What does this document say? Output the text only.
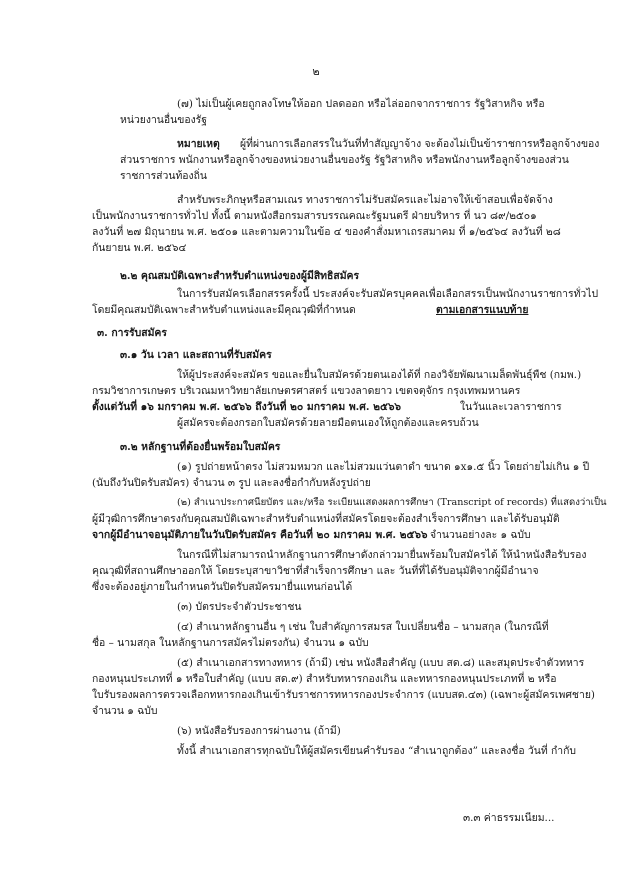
๒
(๗) ไม่เป็นผู้เคยถูกลงโทษให้ออก ปลดออก หรือไล่ออกจากราชการ รัฐวิสาหกิจ หรือ
หน่วยงานอื่นของรัฐ
หมายเหตุ ผู้ที่ผ่านการเลือกสรรในวันที่ทำสัญญาจ้าง จะต้องไม่เป็นข้าราชการหรือลูกจ้างของ
ส่วนราชการ พนักงานหรือลูกจ้างของหน่วยงานอื่นของรัฐ รัฐวิสาหกิจ หรือพนักงานหรือลูกจ้างของส่วน
ราชการส่วนท้องถิ่น
สำหรับพระภิกษุหรือสามเณร ทางราชการไม่รับสมัครและไม่อาจให้เข้าสอบเพื่อจัดจ้าง
เป็นพนักงานราชการทั่วไป ทั้งนี้ ตามหนังสือกรมสารบรรณคณะรัฐมนตรี ฝ่ายบริหาร ที่ นว ๘๙/๒๕๐๑
ลงวันที่ ๒๗ มิถุนายน พ.ศ. ๒๕๐๑ และตามความในข้อ ๔ ของคำสั่งมหาเถรสมาคม ที่ ๑/๒๕๖๔ ลงวันที่ ๒๘
กันยายน พ.ศ. ๒๕๖๔
๒.๒ คุณสมบัติเฉพาะสำหรับตำแหน่งของผู้มีสิทธิสมัคร
ในการรับสมัครเลือกสรรครั้งนี้ ประสงค์จะรับสมัครบุคคลเพื่อเลือกสรรเป็นพนักงานราชการทั่วไป
โดยมีคุณสมบัติเฉพาะสำหรับตำแหน่งและมีคุณวุฒิที่กำหนด	ตามเอกสารแนบท้าย
๓. การรับสมัคร
๓.๑ วัน เวลา และสถานที่รับสมัคร
ให้ผู้ประสงค์จะสมัคร ขอและยื่นใบสมัครด้วยตนเองได้ที่ กองวิจัยพัฒนาเมล็ดพันธุ์พืช (กมพ.)
กรมวิชาการเกษตร บริเวณมหาวิทยาลัยเกษตรศาสตร์ แขวงลาดยาว เขตจตุจักร กรุงเทพมหานคร
ตั้งแต่วันที่ ๑๖ มกราคม พ.ศ. ๒๕๖๖ ถึงวันที่ ๒๐ มกราคม พ.ศ. ๒๕๖๖	ในวันและเวลาราชการ
ผู้สมัครจะต้องกรอกใบสมัครด้วยลายมือตนเองให้ถูกต้องและครบถ้วน
๓.๒ หลักฐานที่ต้องยื่นพร้อมใบสมัคร
(๑) รูปถ่ายหน้าตรง ไม่สวมหมวก และไม่สวมแว่นตาดำ ขนาด ๑x๑.๕ นิ้ว โดยถ่ายไม่เกิน ๑ ปี
(นับถึงวันปิดรับสมัคร) จำนวน ๓ รูป และลงชื่อกำกับหลังรูปถ่าย
(๒) สำเนาประกาศนียบัตร และ/หรือ ระเบียนแสดงผลการศึกษา (Transcript of records) ที่แสดงว่าเป็น
ผู้มีวุฒิการศึกษาตรงกับคุณสมบัติเฉพาะสำหรับตำแหน่งที่สมัครโดยจะต้องสำเร็จการศึกษา และได้รับอนุมัติ
จากผู้มีอำนาจอนุมัติภายในวันปิดรับสมัคร คือวันที่ ๒๐ มกราคม พ.ศ. ๒๕๖๖ จำนวนอย่างละ ๑ ฉบับ
ในกรณีที่ไม่สามารถนำหลักฐานการศึกษาดังกล่าวมายื่นพร้อมใบสมัครได้ ให้นำหนังสือรับรอง
คุณวุฒิที่สถานศึกษาออกให้ โดยระบุสาขาวิชาที่สำเร็จการศึกษา และ วันที่ที่ได้รับอนุมัติจากผู้มีอำนาจ
ซึ่งจะต้องอยู่ภายในกำหนดวันปิดรับสมัครมายื่นแทนก่อนได้
(๓) บัตรประจำตัวประชาชน
(๔) สำเนาหลักฐานอื่น ๆ เช่น ใบสำคัญการสมรส ใบเปลี่ยนชื่อ – นามสกุล (ในกรณีที่
ชื่อ – นามสกุล ในหลักฐานการสมัครไม่ตรงกัน) จำนวน ๑ ฉบับ
(๕) สำเนาเอกสารทางทหาร (ถ้ามี) เช่น หนังสือสำคัญ (แบบ สด.๘) และสมุดประจำตัวทหาร
กองหนุนประเภทที่ ๑ หรือใบสำคัญ (แบบ สด.๙) สำหรับทหารกองเกิน และทหารกองหนุนประเภทที่ ๒ หรือ
ใบรับรองผลการตรวจเลือกทหารกองเกินเข้ารับราชการทหารกองประจำการ (แบบสด.๔๓) (เฉพาะผู้สมัครเพศชาย)
จำนวน ๑ ฉบับ
(๖) หนังสือรับรองการผ่านงาน (ถ้ามี)
ทั้งนี้ สำเนาเอกสารทุกฉบับให้ผู้สมัครเขียนคำรับรอง “สำเนาถูกต้อง” และลงชื่อ วันที่ กำกับ
๓.๓ ค่าธรรมเนียม...
